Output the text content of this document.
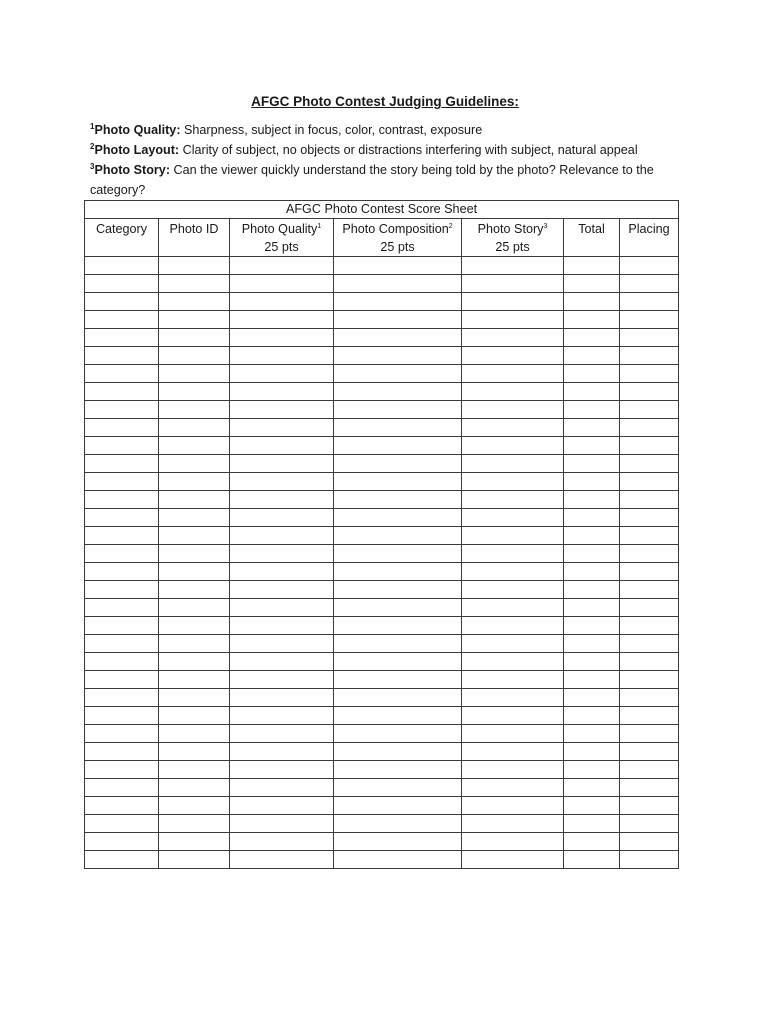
AFGC Photo Contest Judging Guidelines:

$^1$Photo Quality: Sharpness, subject in focus, color, contrast, exposure

$^2$Photo Layout: Clarity of subject, no objects or distractions interfering with subject, natural appeal

$^3$Photo Story: Can the viewer quickly understand the story being told by the photo? Relevance to the category?

AFGC Photo Contest Score Sheet						
Category	Photo ID	Photo Quality$^1$
25 pts	Photo Composition$^2$
25 pts	Photo Story$^3$
25 pts	Total	Placing
